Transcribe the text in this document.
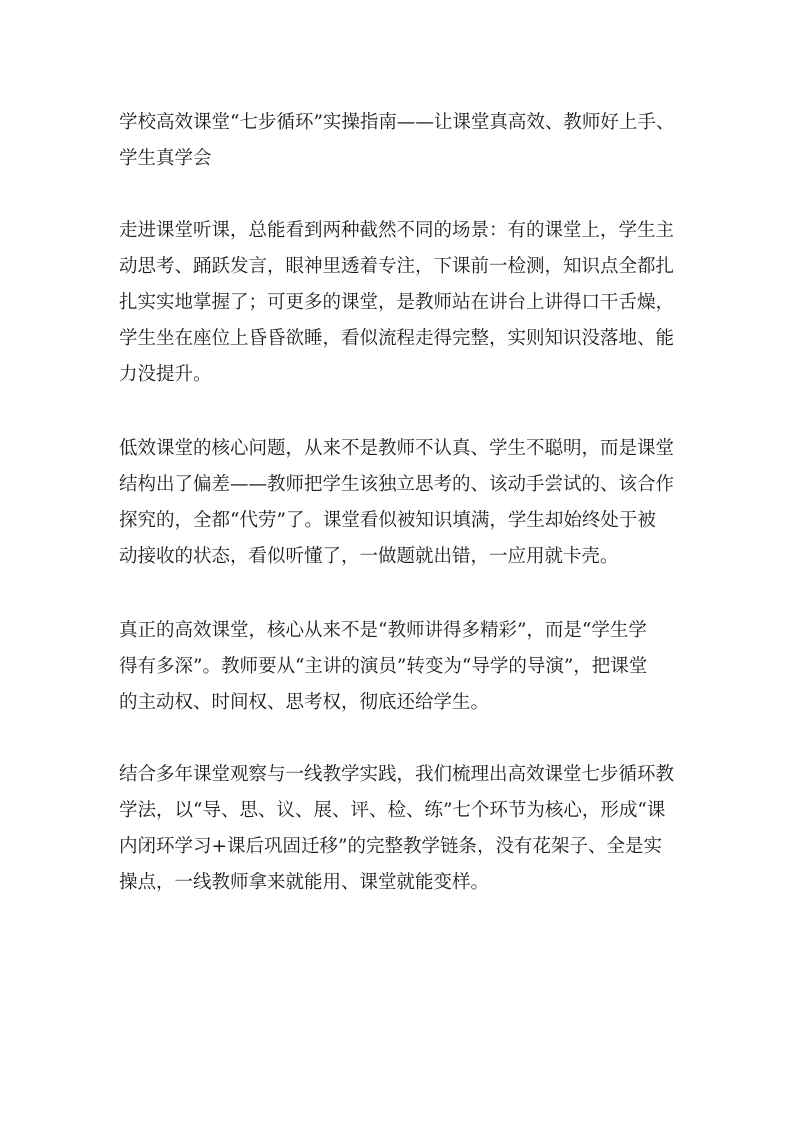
学校高效课堂“七步循环”实操指南——让课堂真高效、教师好上手、
学生真学会
走进课堂听课，总能看到两种截然不同的场景：有的课堂上，学生主
动思考、踊跃发言，眼神里透着专注，下课前一检测，知识点全都扎
扎实实地掌握了；可更多的课堂，是教师站在讲台上讲得口干舌燥，
学生坐在座位上昏昏欲睡，看似流程走得完整，实则知识没落地、能
力没提升。
低效课堂的核心问题，从来不是教师不认真、学生不聪明，而是课堂
结构出了偏差——教师把学生该独立思考的、该动手尝试的、该合作
探究的，全都“代劳”了。课堂看似被知识填满，学生却始终处于被
动接收的状态，看似听懂了，一做题就出错，一应用就卡壳。
真正的高效课堂，核心从来不是“教师讲得多精彩”，而是“学生学
得有多深”。教师要从“主讲的演员”转变为“导学的导演”，把课堂
的主动权、时间权、思考权，彻底还给学生。
结合多年课堂观察与一线教学实践，我们梳理出高效课堂七步循环教
学法，以“导、思、议、展、评、检、练”七个环节为核心，形成“课
内闭环学习+课后巩固迁移”的完整教学链条，没有花架子、全是实
操点，一线教师拿来就能用、课堂就能变样。
